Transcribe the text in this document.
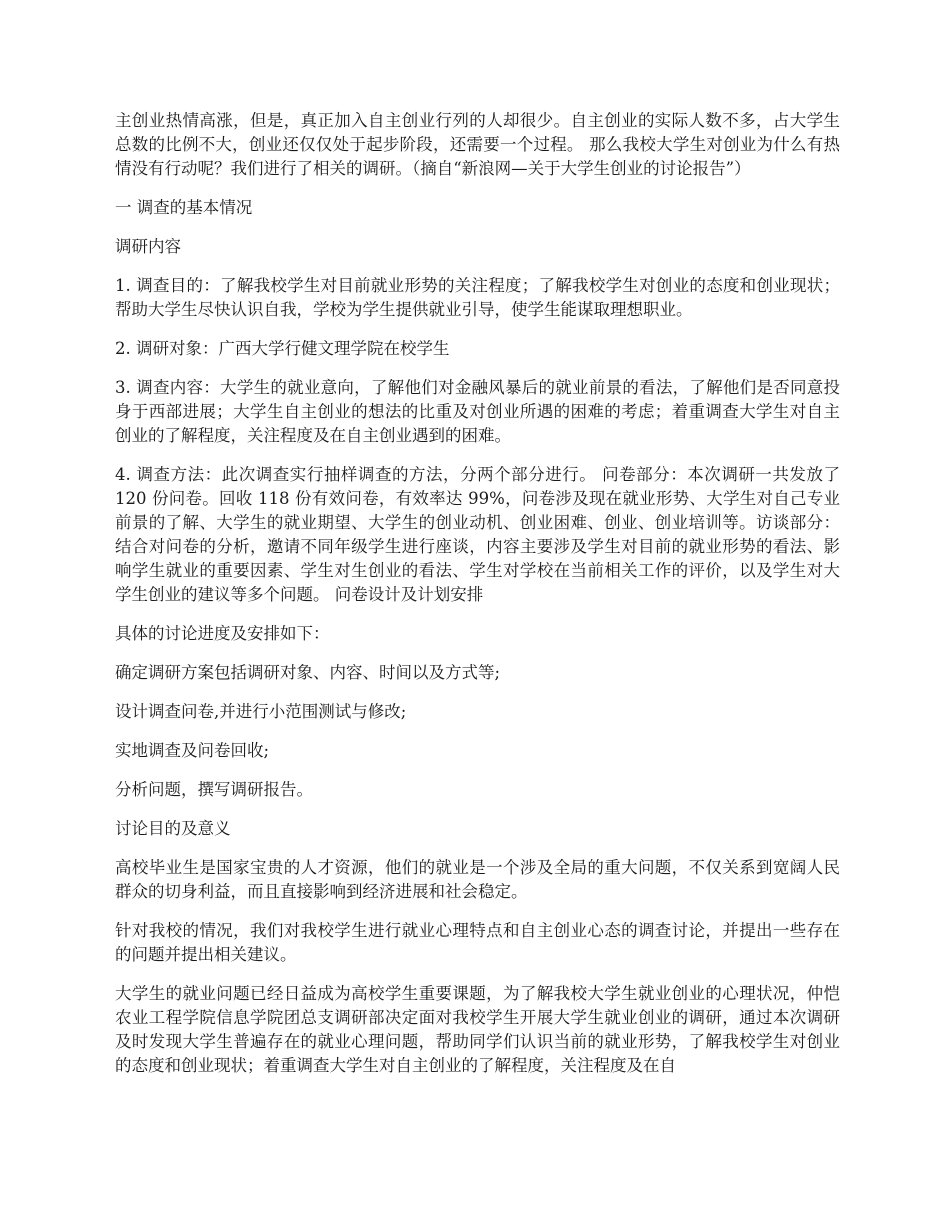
主创业热情高涨，但是，真正加入自主创业行列的人却很少。自主创业的实际人数不多，占大学生总数的比例不大，创业还仅仅处于起步阶段，还需要一个过程。 那么我校大学生对创业为什么有热情没有行动呢？我们进行了相关的调研。（摘自“新浪网—关于大学生创业的讨论报告”）

一 调查的基本情况

调研内容

1. 调查目的：了解我校学生对目前就业形势的关注程度；了解我校学生对创业的态度和创业现状；帮助大学生尽快认识自我，学校为学生提供就业引导，使学生能谋取理想职业。

2. 调研对象：广西大学行健文理学院在校学生

3. 调查内容：大学生的就业意向，了解他们对金融风暴后的就业前景的看法，了解他们是否同意投身于西部进展；大学生自主创业的想法的比重及对创业所遇的困难的考虑；着重调查大学生对自主创业的了解程度，关注程度及在自主创业遇到的困难。

4. 调查方法：此次调查实行抽样调查的方法，分两个部分进行。 问卷部分：本次调研一共发放了 120 份问卷。回收 118 份有效问卷，有效率达 99%，问卷涉及现在就业形势、大学生对自己专业前景的了解、大学生的就业期望、大学生的创业动机、创业困难、创业、创业培训等。访谈部分：结合对问卷的分析，邀请不同年级学生进行座谈，内容主要涉及学生对目前的就业形势的看法、影响学生就业的重要因素、学生对生创业的看法、学生对学校在当前相关工作的评价，以及学生对大学生创业的建议等多个问题。 问卷设计及计划安排

具体的讨论进度及安排如下：

确定调研方案包括调研对象、内容、时间以及方式等;

设计调查问卷,并进行小范围测试与修改;

实地调查及问卷回收;

分析问题，撰写调研报告。

讨论目的及意义

高校毕业生是国家宝贵的人才资源，他们的就业是一个涉及全局的重大问题，不仅关系到宽阔人民群众的切身利益，而且直接影响到经济进展和社会稳定。

针对我校的情况，我们对我校学生进行就业心理特点和自主创业心态的调查讨论，并提出一些存在的问题并提出相关建议。

大学生的就业问题已经日益成为高校学生重要课题，为了解我校大学生就业创业的心理状况，仲恺农业工程学院信息学院团总支调研部决定面对我校学生开展大学生就业创业的调研，通过本次调研及时发现大学生普遍存在的就业心理问题，帮助同学们认识当前的就业形势，了解我校学生对创业的态度和创业现状；着重调查大学生对自主创业的了解程度，关注程度及在自
